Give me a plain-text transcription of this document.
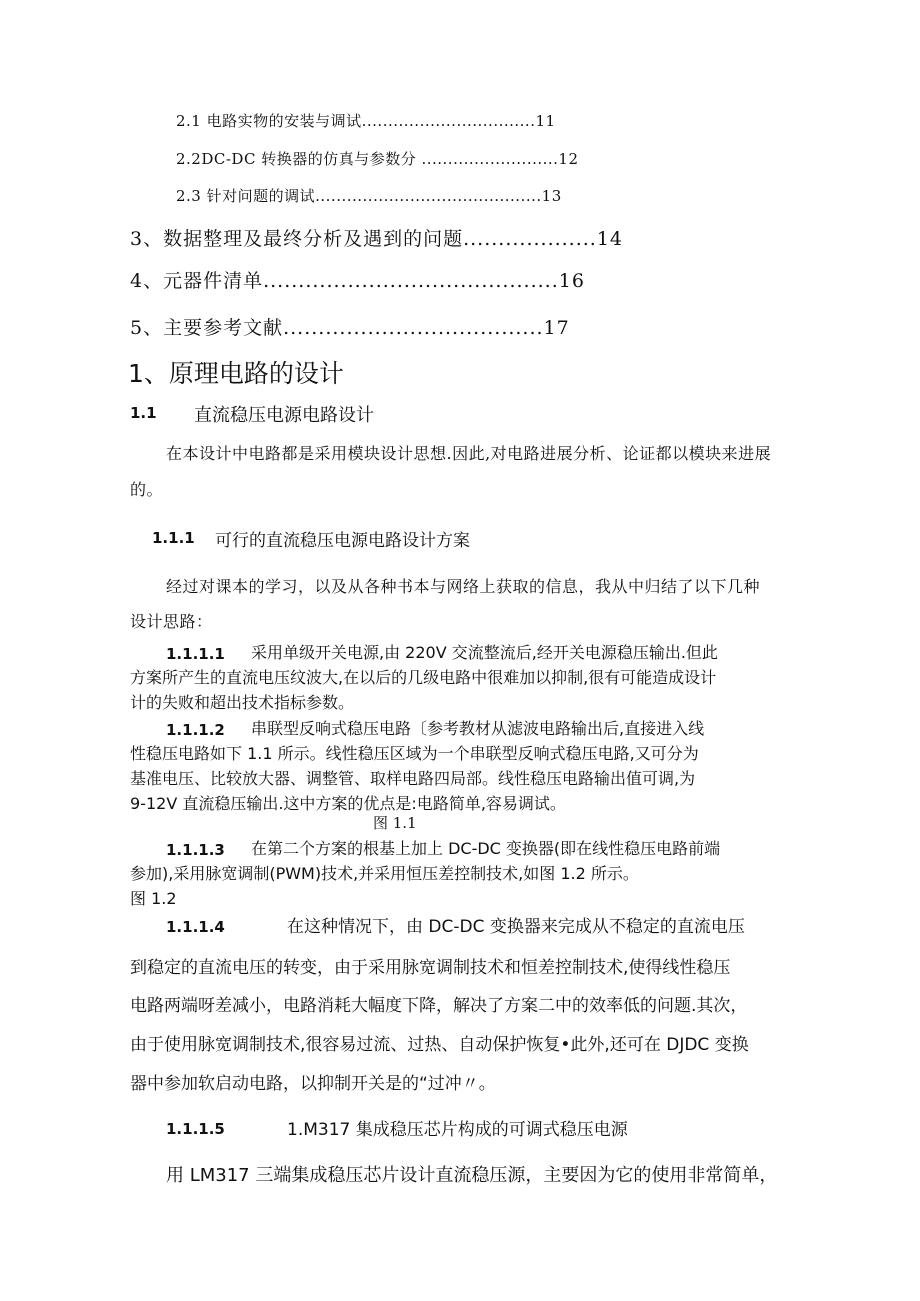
2.1 电路实物的安装与调试.................................11
2.2DC-DC 转换器的仿真与参数分 ..........................12
2.3 针对问题的调试...........................................13
3、数据整理及最终分析及遇到的问题...................14
4、元器件清单..........................................16
5、主要参考文献.....................................17
1、原理电路的设计
1.1 直流稳压电源电路设计
在本设计中电路都是采用模块设计思想.因此,对电路进展分析、论证都以模块来进展
的。
1.1.1 可行的直流稳压电源电路设计方案
经过对课本的学习，以及从各种书本与网络上获取的信息，我从中归结了以下几种
设计思路：
1.1.1.1 采用单级开关电源,由 220V 交流整流后,经开关电源稳压输出.但此
方案所产生的直流电压纹波大,在以后的几级电路中很难加以抑制,很有可能造成设计
计的失败和超出技术指标参数。
1.1.1.2 串联型反响式稳压电路〔参考教材从滤波电路输出后,直接进入线
性稳压电路如下 1.1 所示。线性稳压区域为一个串联型反响式稳压电路,又可分为
基准电压、比较放大器、调整管、取样电路四局部。线性稳压电路输出值可调,为
9-12V 直流稳压输出.这中方案的优点是:电路简单,容易调试。
图 1.1
1.1.1.3 在第二个方案的根基上加上 DC-DC 变换器(即在线性稳压电路前端
参加),采用脉宽调制(PWM)技术,并采用恒压差控制技术,如图 1.2 所示。
图 1.2
1.1.1.4	在这种情况下，由 DC-DC 变换器来完成从不稳定的直流电压
到稳定的直流电压的转变，由于采用脉宽调制技术和恒差控制技术,使得线性稳压
电路两端呀差减小，电路消耗大幅度下降，解决了方案二中的效率低的问题.其次，
由于使用脉宽调制技术,很容易过流、过热、自动保护恢复•此外,还可在 DJDC 变换
器中参加软启动电路，以抑制开关是的“过冲〃。
1.1.1.5	1.M317 集成稳压芯片构成的可调式稳压电源
用 LM317 三端集成稳压芯片设计直流稳压源，主要因为它的使用非常简单，
